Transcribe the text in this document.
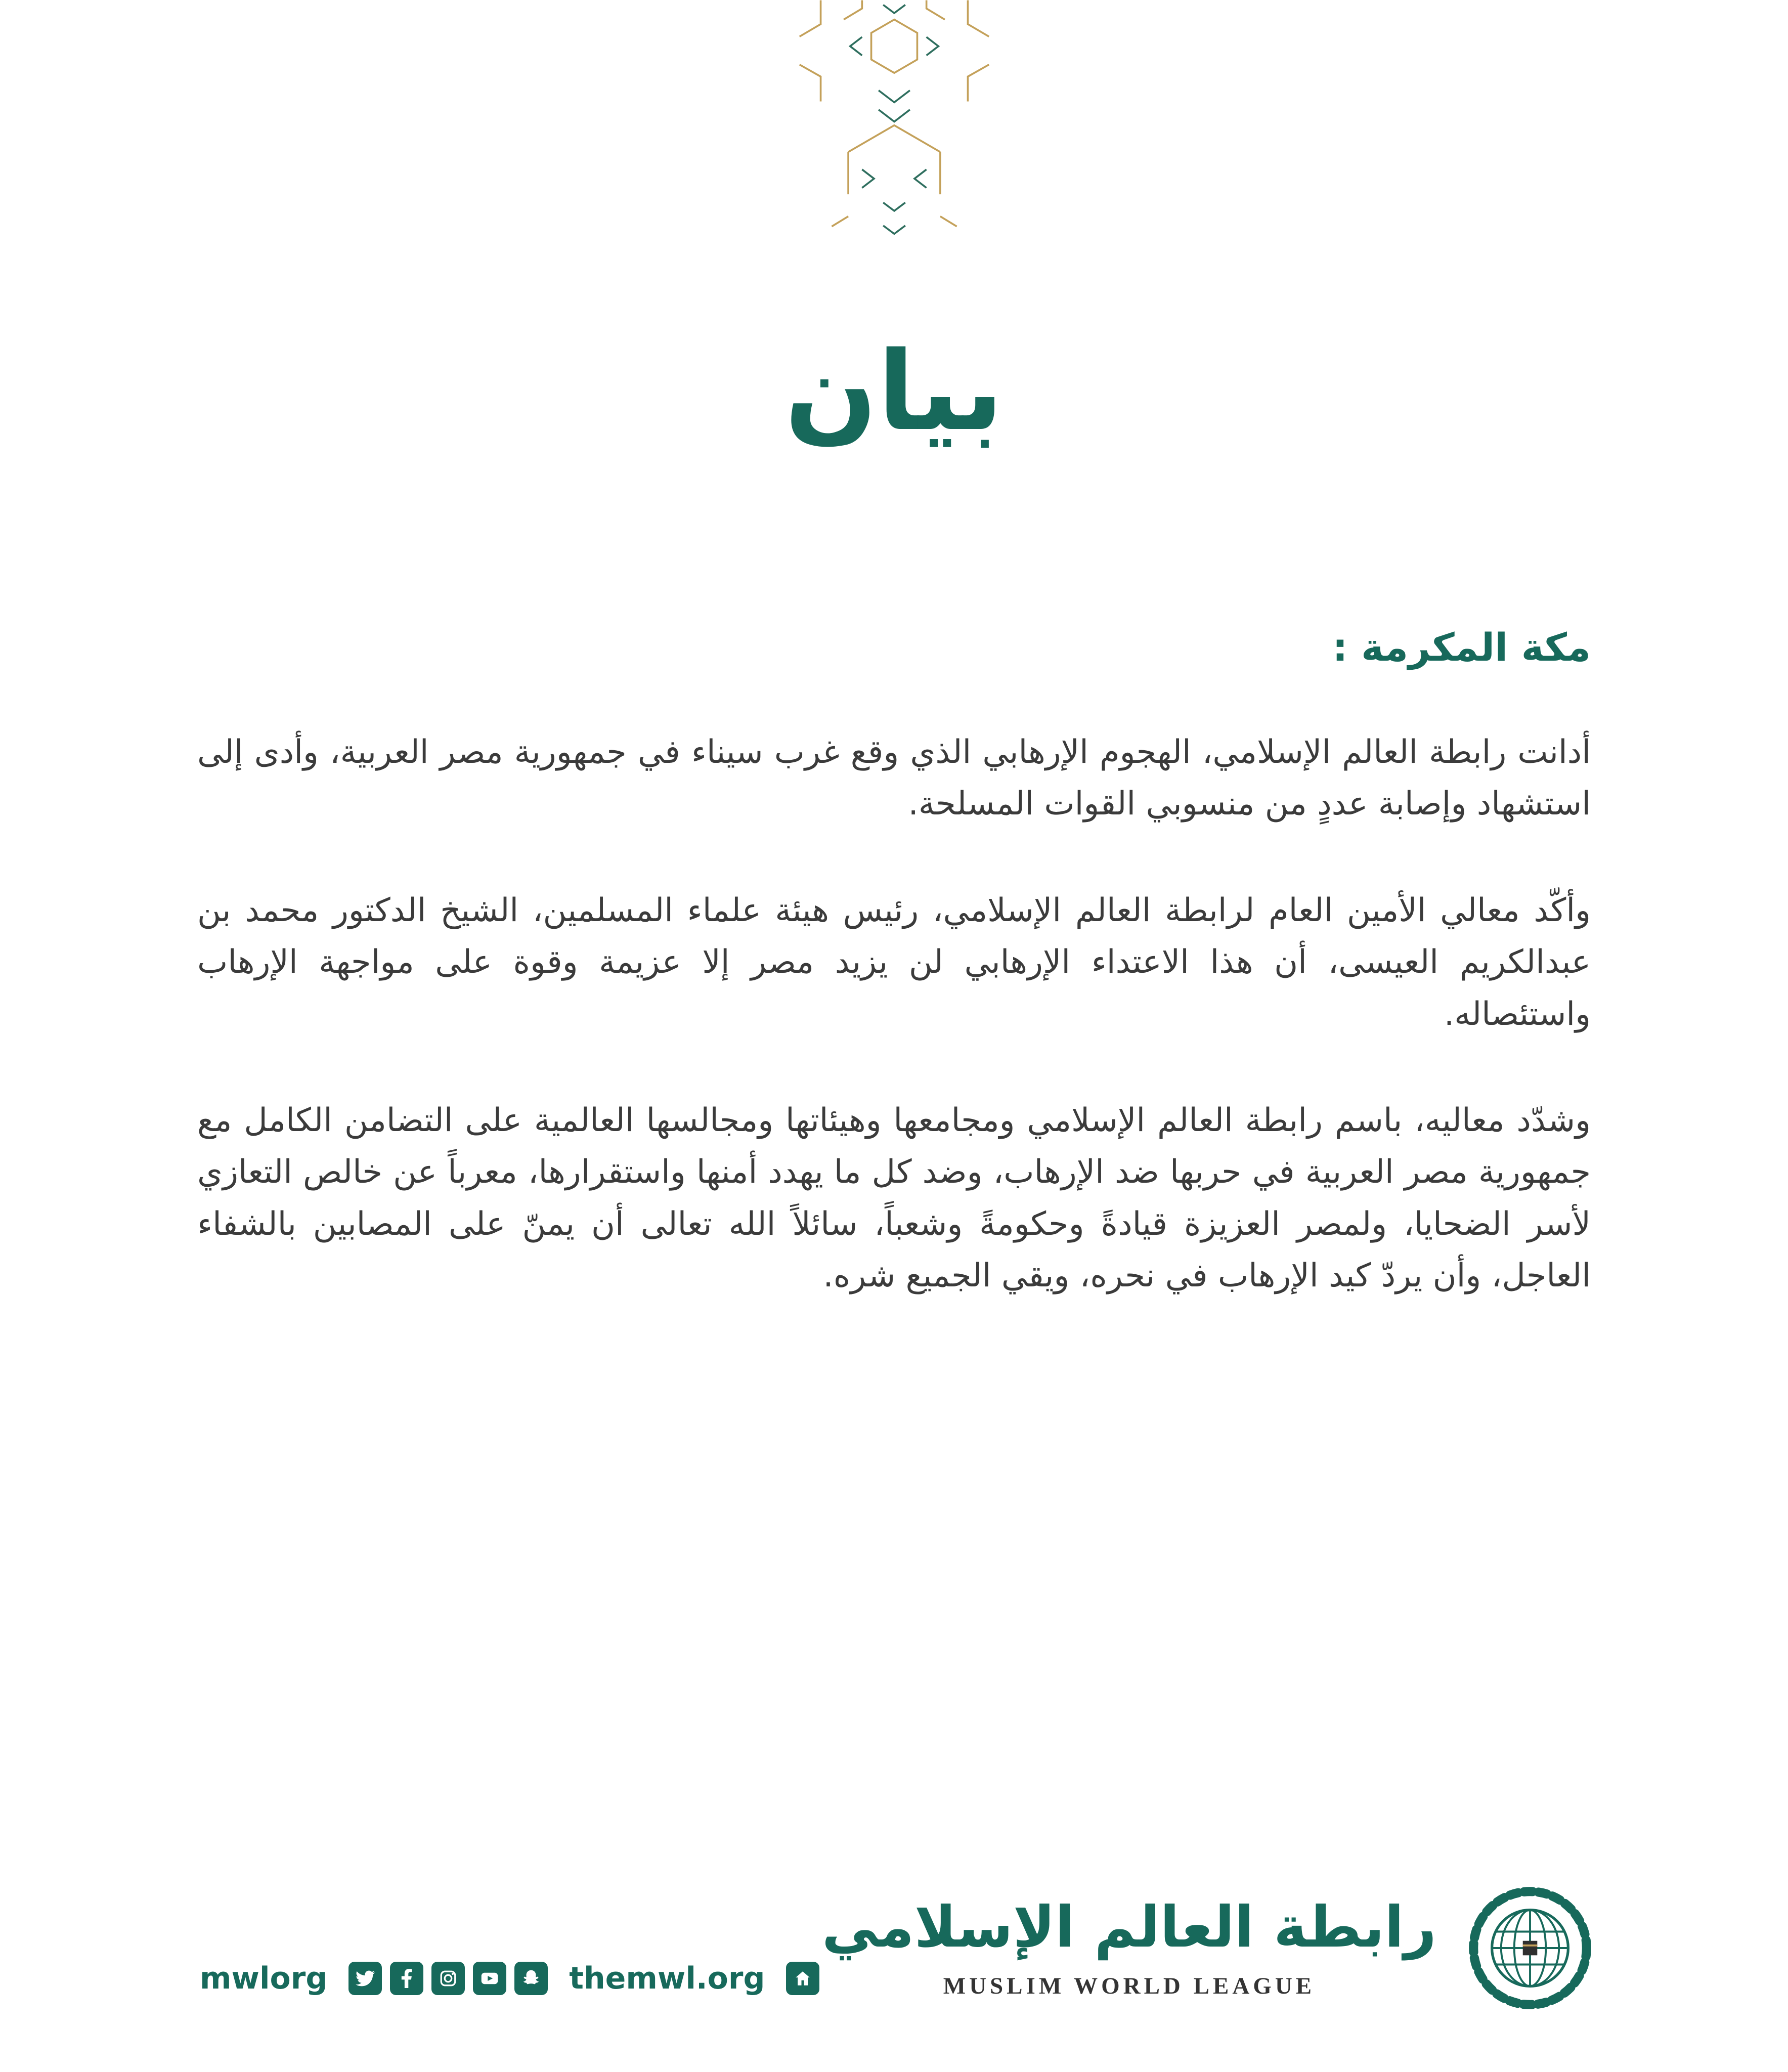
بيان
مكة المكرمة :

أدانت رابطة العالم الإسلامي، الهجوم الإرهابي الذي وقع غرب سيناء في جمهورية مصر العربية، وأدى إلى استشهاد وإصابة عددٍ من منسوبي القوات المسلحة.

وأكّد معالي الأمين العام لرابطة العالم الإسلامي، رئيس هيئة علماء المسلمين، الشيخ الدكتور محمد بن عبدالكريم العيسى، أن هذا الاعتداء الإرهابي لن يزيد مصر إلا عزيمة وقوة على مواجهة الإرهاب واستئصاله.

وشدّد معاليه، باسم رابطة العالم الإسلامي ومجامعها وهيئاتها ومجالسها العالمية على التضامن الكامل مع جمهورية مصر العربية في حربها ضد الإرهاب، وضد كل ما يهدد أمنها واستقرارها، معرباً عن خالص التعازي لأسر الضحايا، ولمصر العزيزة قيادةً وحكومةً وشعباً، سائلاً الله تعالى أن يمنّ على المصابين بالشفاء العاجل، وأن يردّ كيد الإرهاب في نحره، ويقي الجميع شره.

mwlorg	themwl.org
رابطة العالم الإسلامي
MUSLIM WORLD LEAGUE
